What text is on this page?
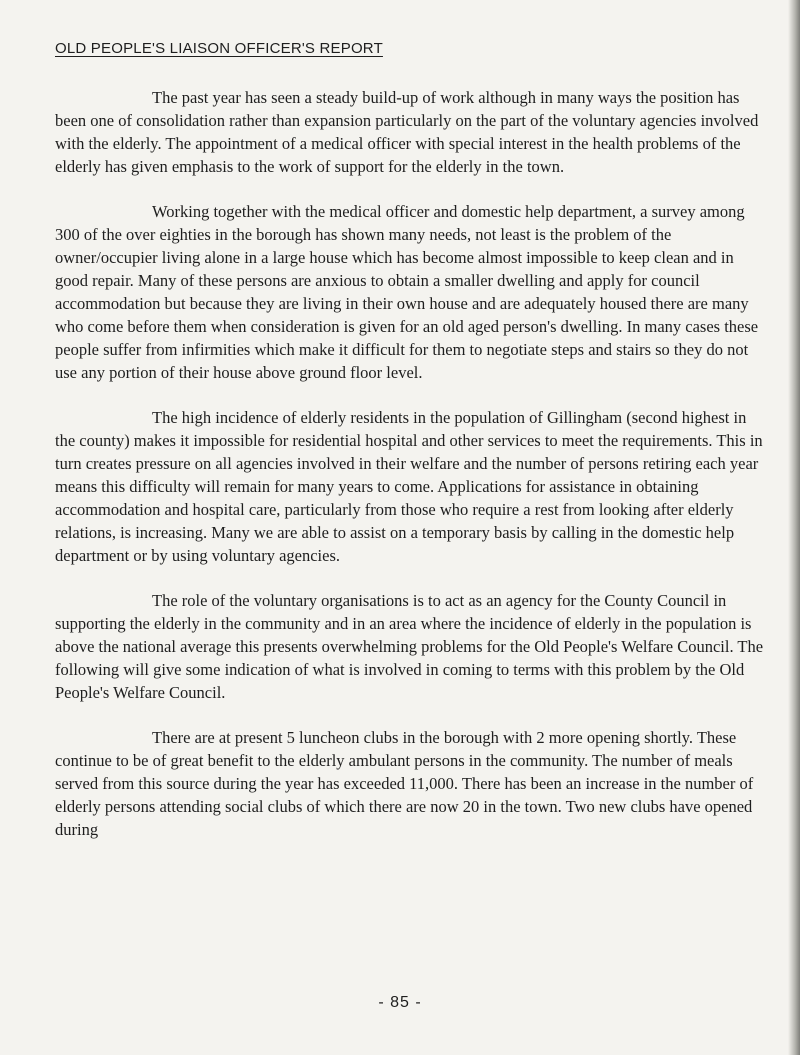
OLD PEOPLE'S LIAISON OFFICER'S REPORT

The past year has seen a steady build-up of work although in many ways the position has been one of consolidation rather than expansion particularly on the part of the voluntary agencies involved with the elderly. The appointment of a medical officer with special interest in the health problems of the elderly has given emphasis to the work of support for the elderly in the town.

Working together with the medical officer and domestic help department, a survey among 300 of the over eighties in the borough has shown many needs, not least is the problem of the owner/occupier living alone in a large house which has become almost impossible to keep clean and in good repair. Many of these persons are anxious to obtain a smaller dwelling and apply for council accommodation but because they are living in their own house and are adequately housed there are many who come before them when consideration is given for an old aged person's dwelling. In many cases these people suffer from infirmities which make it difficult for them to negotiate steps and stairs so they do not use any portion of their house above ground floor level.

The high incidence of elderly residents in the population of Gillingham (second highest in the county) makes it impossible for residential hospital and other services to meet the requirements. This in turn creates pressure on all agencies involved in their welfare and the number of persons retiring each year means this difficulty will remain for many years to come. Applications for assistance in obtaining accommodation and hospital care, particularly from those who require a rest from looking after elderly relations, is increasing. Many we are able to assist on a temporary basis by calling in the domestic help department or by using voluntary agencies.

The role of the voluntary organisations is to act as an agency for the County Council in supporting the elderly in the community and in an area where the incidence of elderly in the population is above the national average this presents overwhelming problems for the Old People's Welfare Council. The following will give some indication of what is involved in coming to terms with this problem by the Old People's Welfare Council.

There are at present 5 luncheon clubs in the borough with 2 more opening shortly. These continue to be of great benefit to the elderly ambulant persons in the community. The number of meals served from this source during the year has exceeded 11,000. There has been an increase in the number of elderly persons attending social clubs of which there are now 20 in the town. Two new clubs have opened during

- 85 -
